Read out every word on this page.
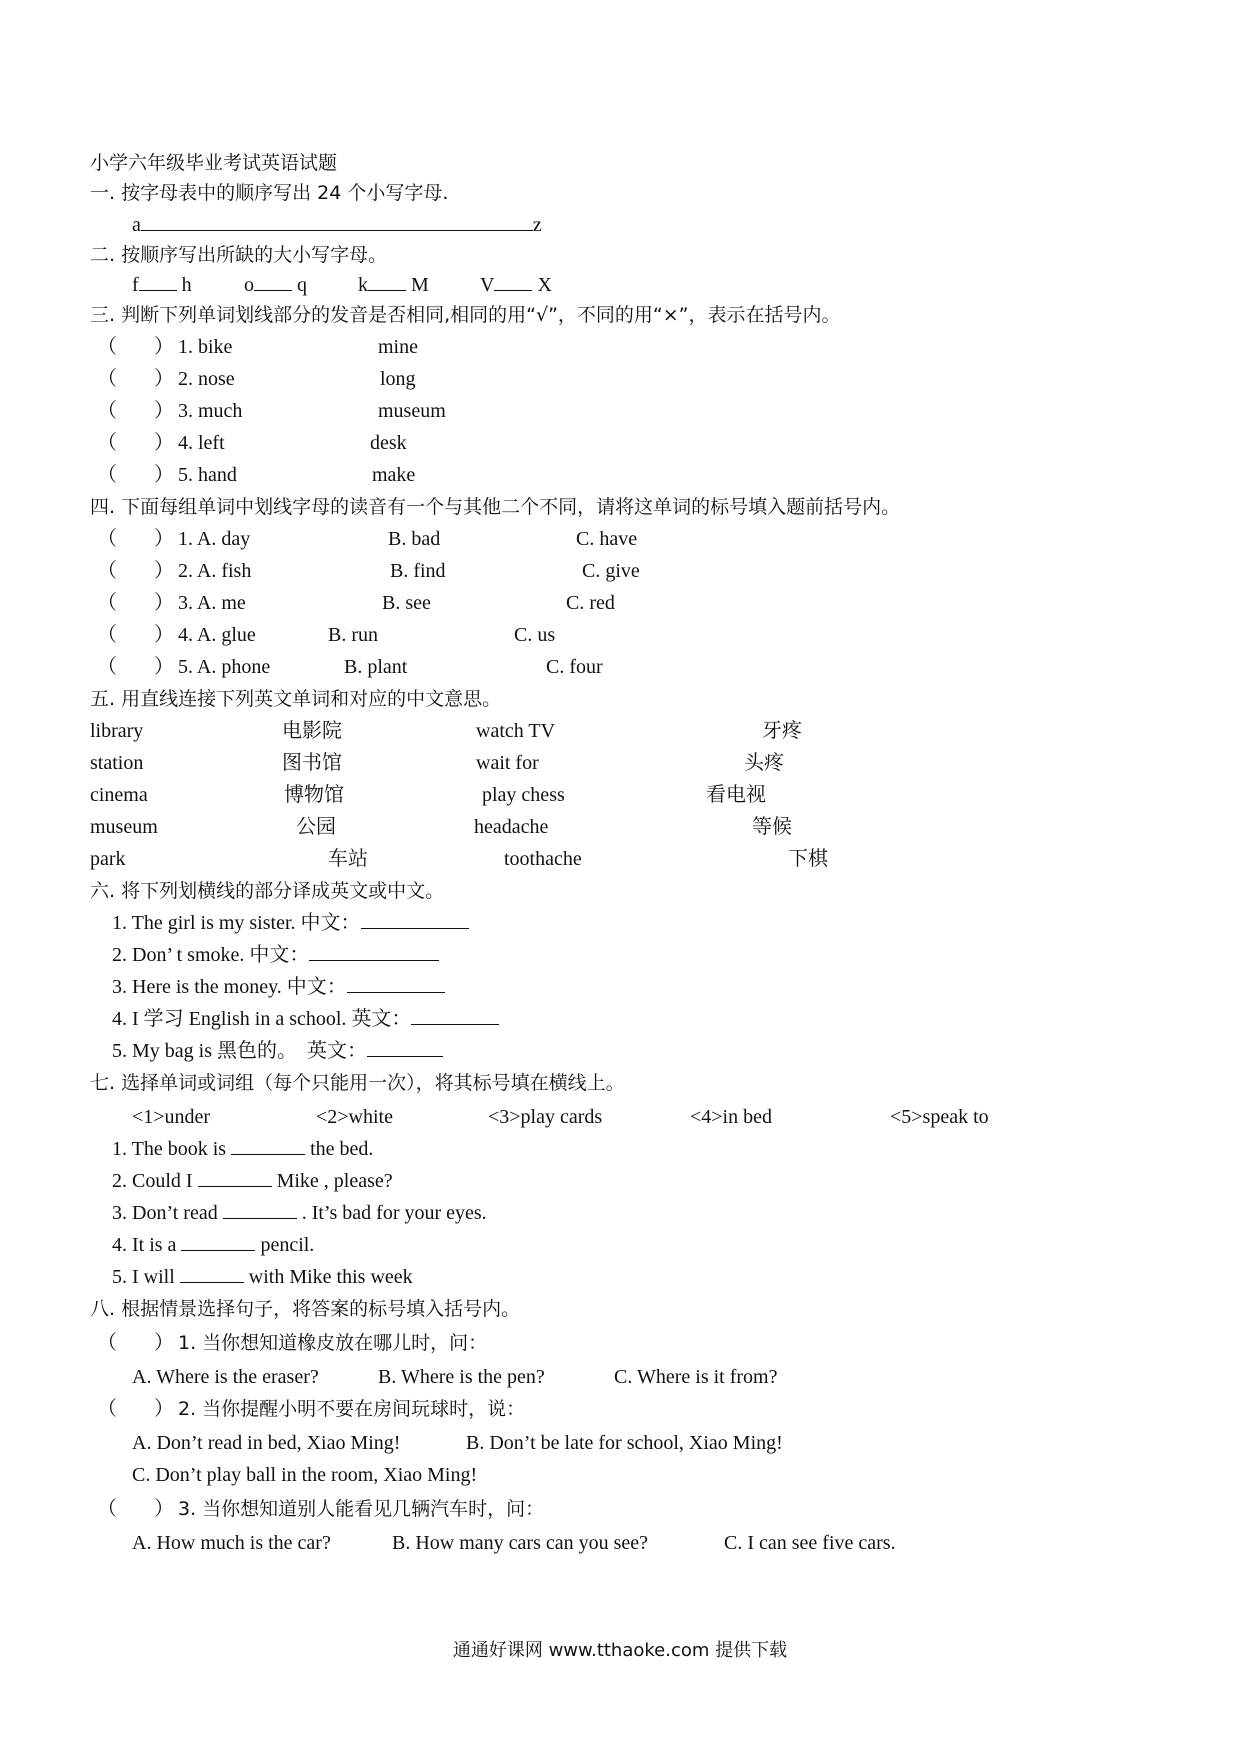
小学六年级毕业考试英语试题
一. 按字母表中的顺序写出 24 个小写字母.
a	z
二. 按顺序写出所缺的大小写字母。
f h	o q	k M	V X
三. 判断下列单词划线部分的发音是否相同,相同的用“√”，不同的用“×”，表示在括号内。
（ ） 1. bike	mine
（ ） 2. nose	long
（ ） 3. much	museum
（ ） 4. left	desk
（ ） 5. hand	make
四. 下面每组单词中划线字母的读音有一个与其他二个不同，请将这单词的标号填入题前括号内。
（ ） 1. A. day	B. bad	C. have
（ ） 2. A. fish	B. find	C. give
（ ） 3. A. me	B. see	C. red
（ ） 4. A. glue	B. run	C. us
（ ） 5. A. phone	B. plant	C. four
五. 用直线连接下列英文单词和对应的中文意思。
library	电影院	watch TV	牙疼
station	图书馆	wait for	头疼
cinema	博物馆	play chess	看电视
museum	公园	headache	等候
park	车站	toothache	下棋
六. 将下列划横线的部分译成英文或中文。
1. The girl is my sister. 中文：
2. Don’ t smoke. 中文：
3. Here is the money. 中文：
4. I 学习 English in a school. 英文：
5. My bag is 黑色的。 英文：
七. 选择单词或词组（每个只能用一次），将其标号填在横线上。
<1>under	<2>white	<3>play cards	<4>in bed	<5>speak to
1. The book is	the bed.
2. Could I	Mike , please?
3. Don’t read	. It’s bad for your eyes.
4. It is a	pencil.
5. I will	with Mike this week
八. 根据情景选择句子，将答案的标号填入括号内。
（ ） 1. 当你想知道橡皮放在哪儿时，问：
A. Where is the eraser?	B. Where is the pen?	C. Where is it from?
（ ） 2. 当你提醒小明不要在房间玩球时，说：
A. Don’t read in bed, Xiao Ming!	B. Don’t be late for school, Xiao Ming!
C. Don’t play ball in the room, Xiao Ming!
（ ） 3. 当你想知道别人能看见几辆汽车时，问：
A. How much is the car?	B. How many cars can you see?	C. I can see five cars.
通通好课网 www.tthaoke.com 提供下载
